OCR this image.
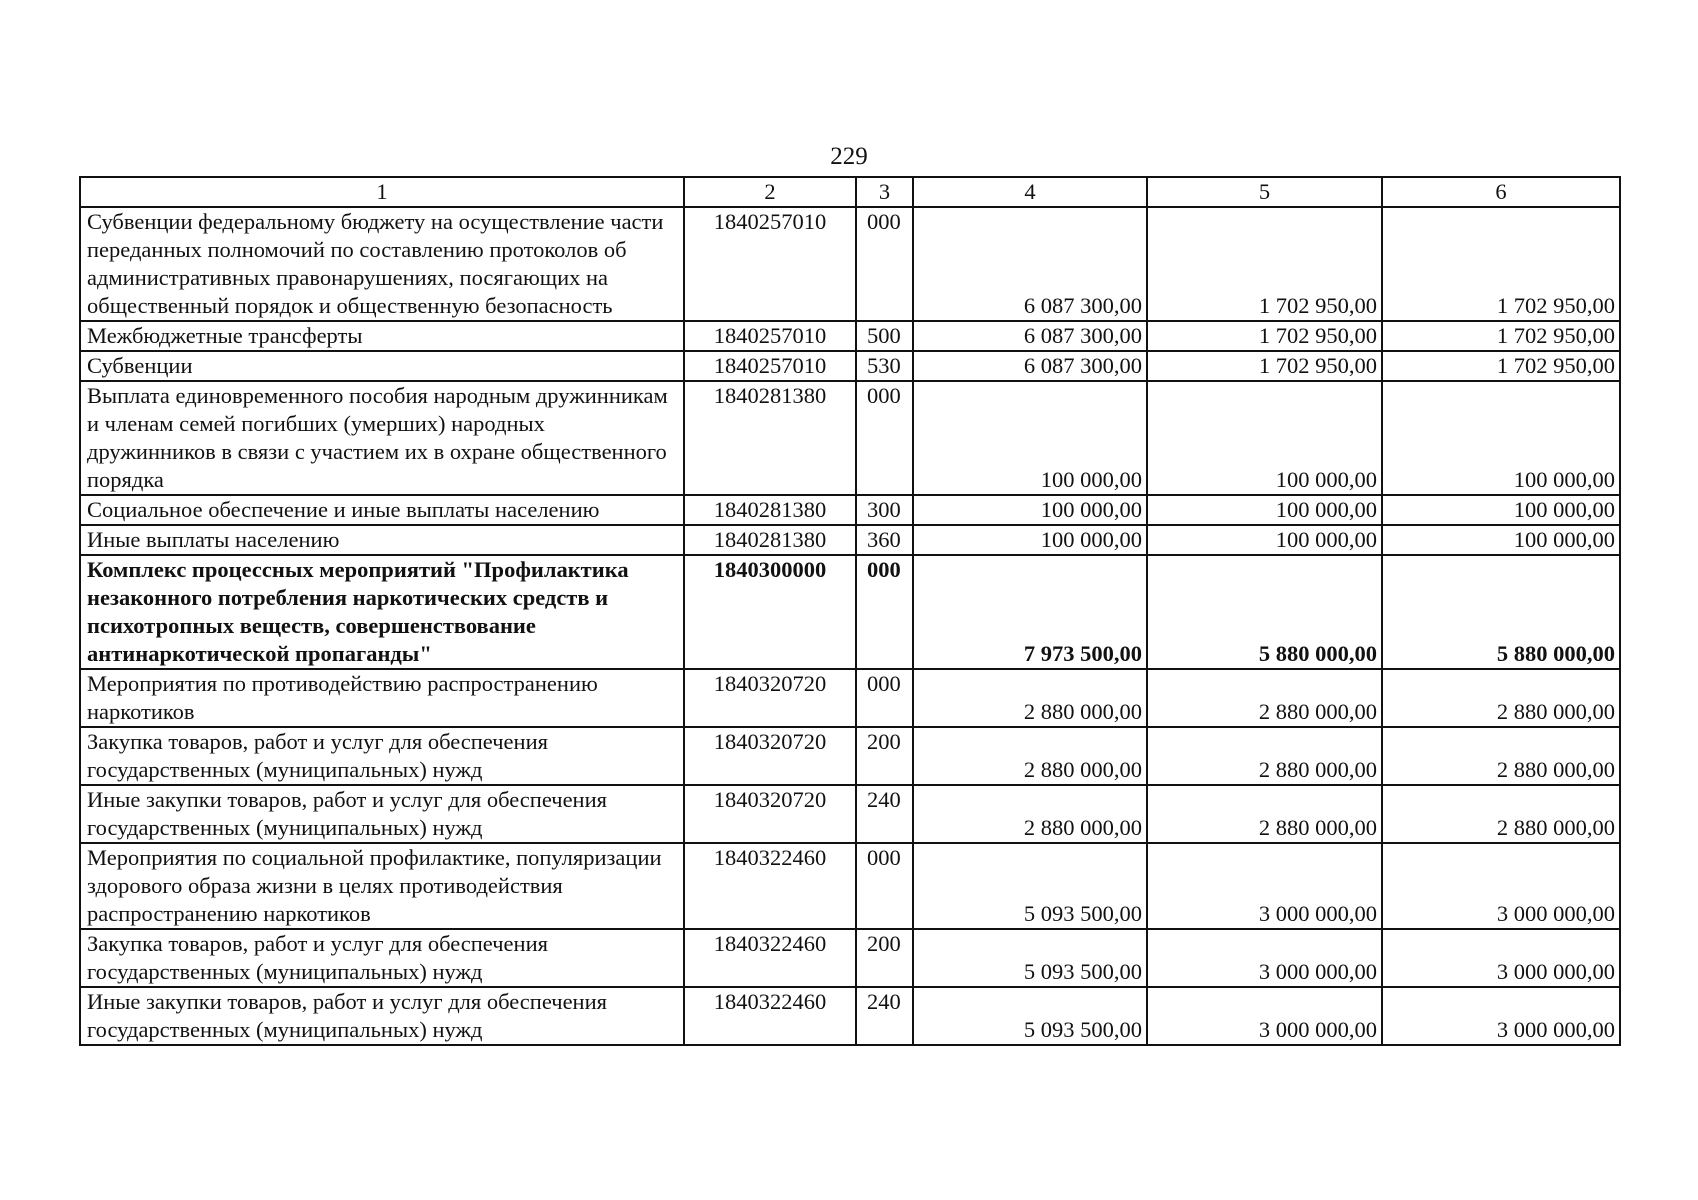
229
1	2	3	4	5	6
Субвенции федеральному бюджету на осуществление части переданных полномочий по составлению протоколов об административных правонарушениях, посягающих на общественный порядок и общественную безопасность	1840257010	000	6 087 300,00	1 702 950,00	1 702 950,00
Межбюджетные трансферты	1840257010	500	6 087 300,00	1 702 950,00	1 702 950,00
Субвенции	1840257010	530	6 087 300,00	1 702 950,00	1 702 950,00
Выплата единовременного пособия народным дружинникам и членам семей погибших (умерших) народных дружинников в связи с участием их в охране общественного порядка	1840281380	000	100 000,00	100 000,00	100 000,00
Социальное обеспечение и иные выплаты населению	1840281380	300	100 000,00	100 000,00	100 000,00
Иные выплаты населению	1840281380	360	100 000,00	100 000,00	100 000,00
Комплекс процессных мероприятий "Профилактика незаконного потребления наркотических средств и психотропных веществ, совершенствование антинаркотической пропаганды"	1840300000	000	7 973 500,00	5 880 000,00	5 880 000,00
Мероприятия по противодействию распространению наркотиков	1840320720	000	2 880 000,00	2 880 000,00	2 880 000,00
Закупка товаров, работ и услуг для обеспечения государственных (муниципальных) нужд	1840320720	200	2 880 000,00	2 880 000,00	2 880 000,00
Иные закупки товаров, работ и услуг для обеспечения государственных (муниципальных) нужд	1840320720	240	2 880 000,00	2 880 000,00	2 880 000,00
Мероприятия по социальной профилактике, популяризации здорового образа жизни в целях противодействия распространению наркотиков	1840322460	000	5 093 500,00	3 000 000,00	3 000 000,00
Закупка товаров, работ и услуг для обеспечения государственных (муниципальных) нужд	1840322460	200	5 093 500,00	3 000 000,00	3 000 000,00
Иные закупки товаров, работ и услуг для обеспечения государственных (муниципальных) нужд	1840322460	240	5 093 500,00	3 000 000,00	3 000 000,00
